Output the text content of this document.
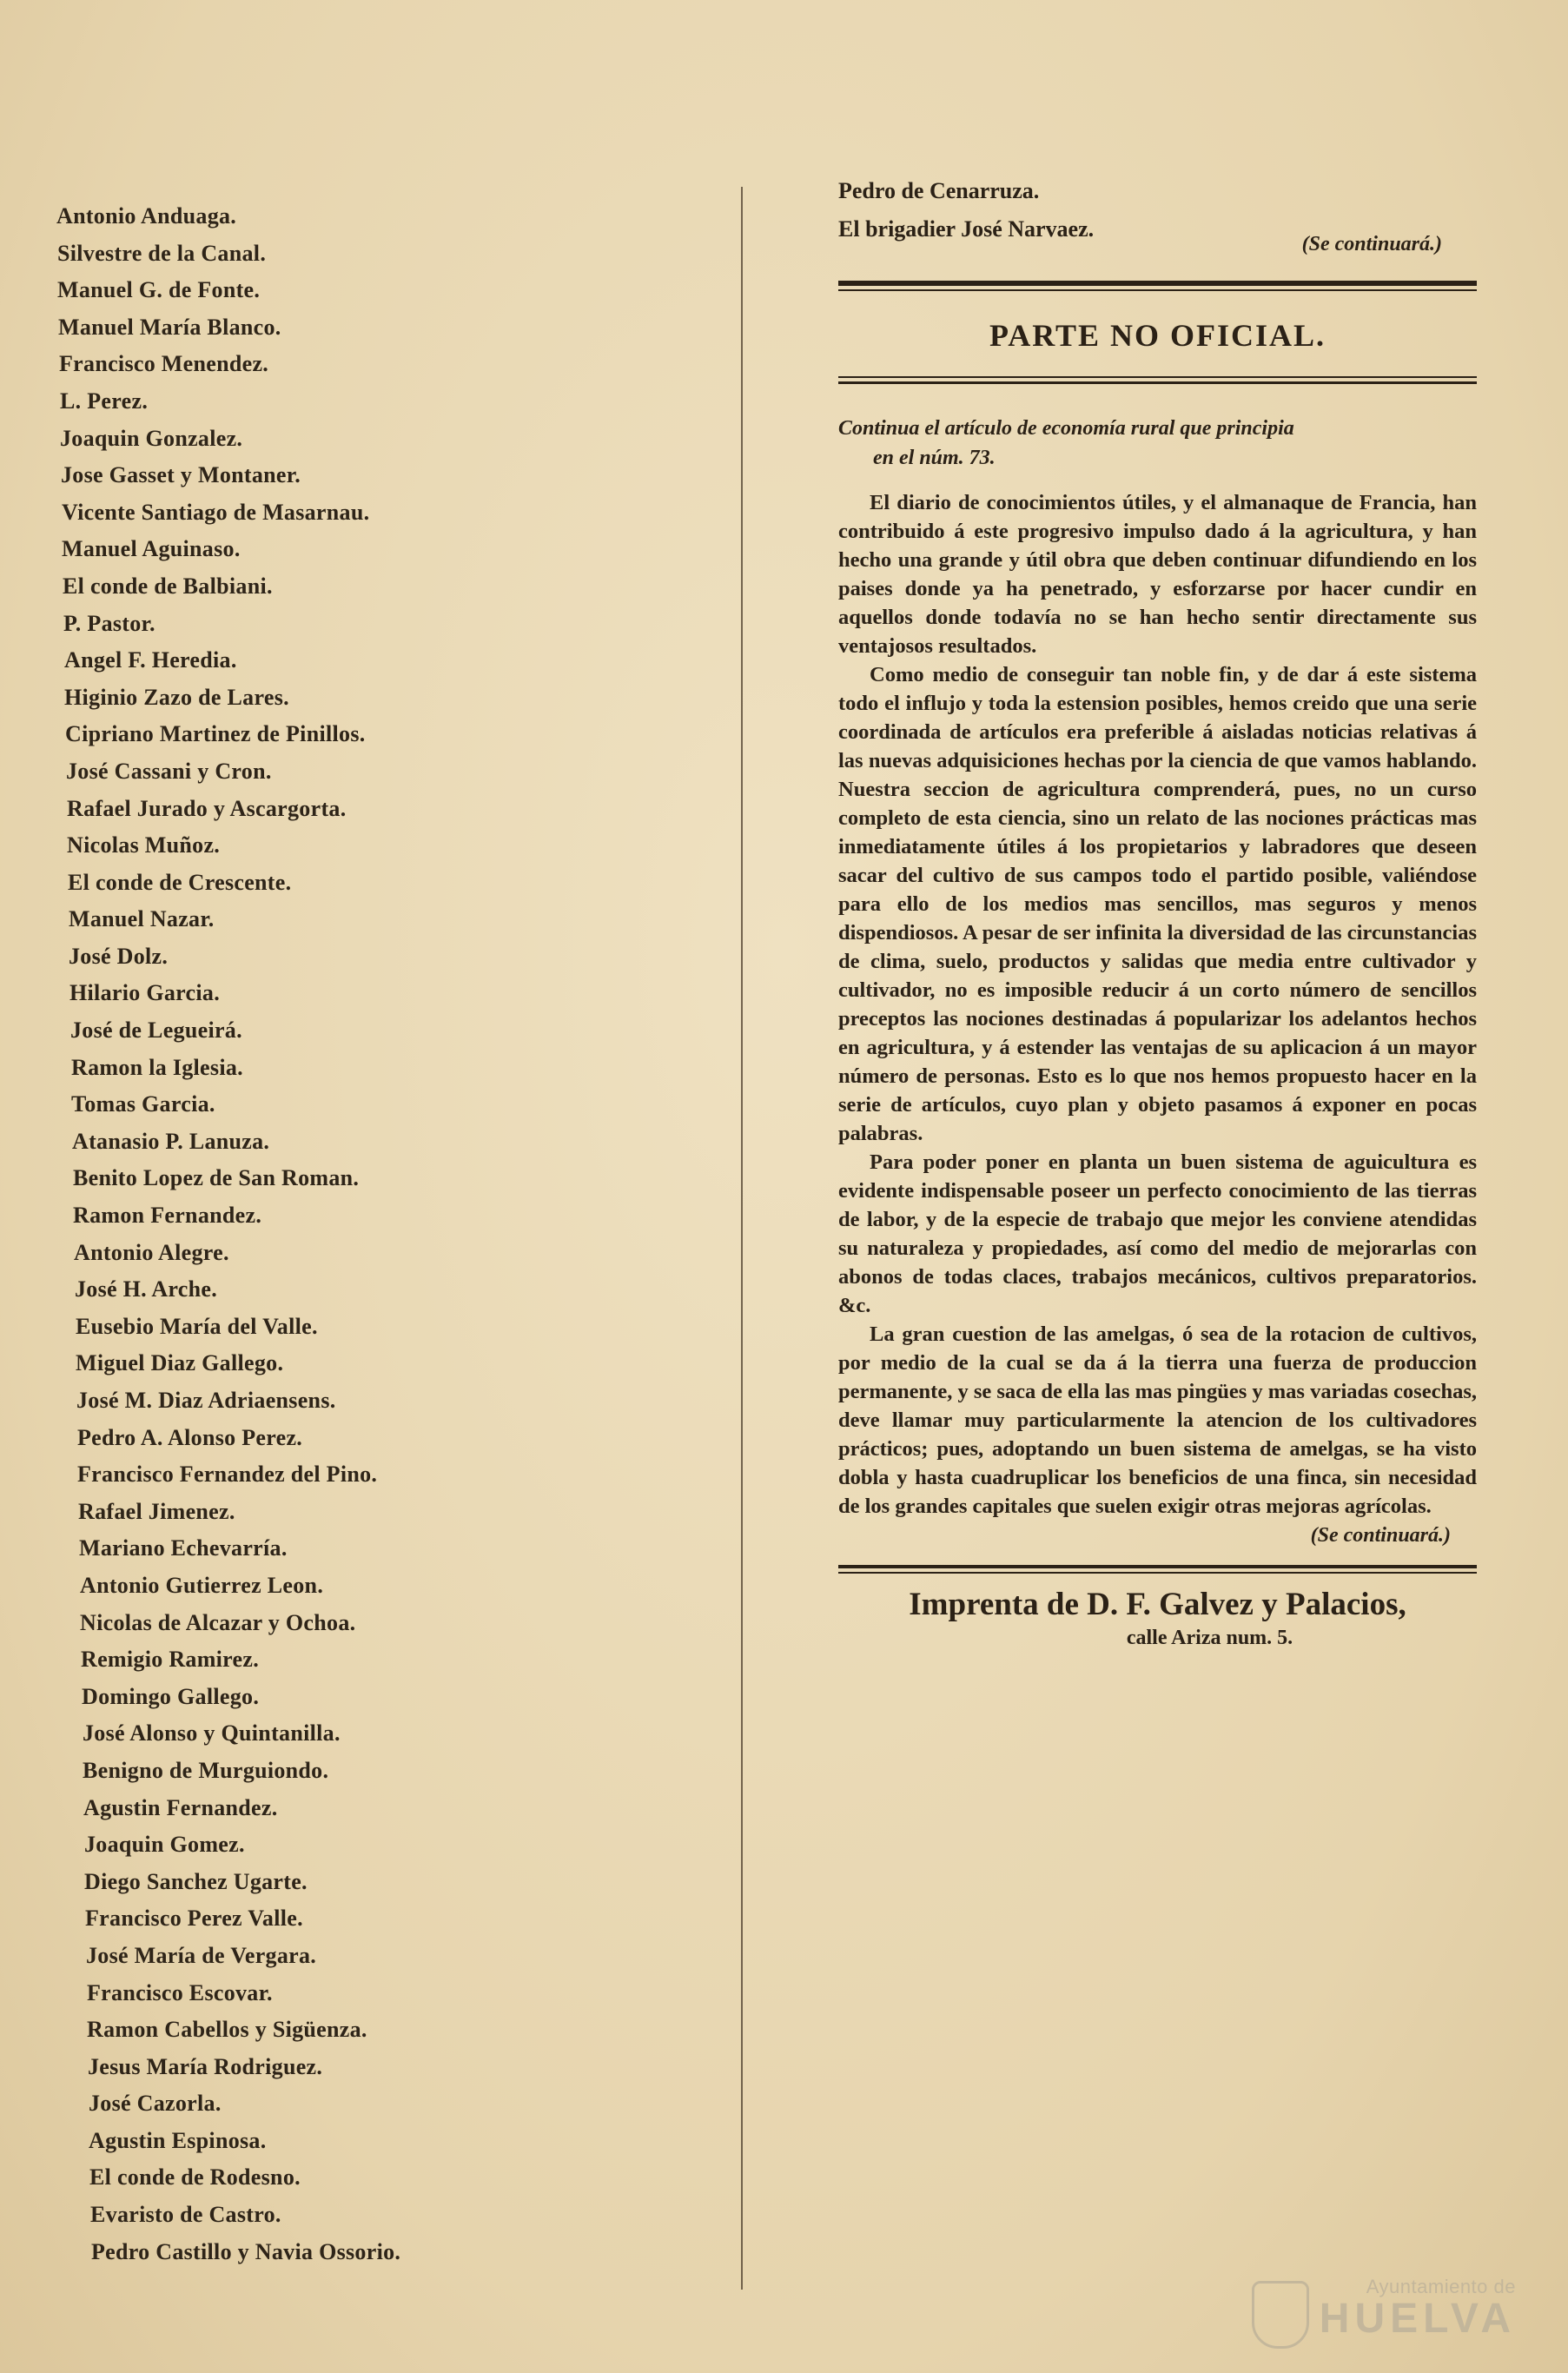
Antonio Anduaga.
Silvestre de la Canal.
Manuel G. de Fonte.
Manuel María Blanco.
Francisco Menendez.
L. Perez.
Joaquin Gonzalez.
Jose Gasset y Montaner.
Vicente Santiago de Masarnau.
Manuel Aguinaso.
El conde de Balbiani.
P. Pastor.
Angel F. Heredia.
Higinio Zazo de Lares.
Cipriano Martinez de Pinillos.
José Cassani y Cron.
Rafael Jurado y Ascargorta.
Nicolas Muñoz.
El conde de Crescente.
Manuel Nazar.
José Dolz.
Hilario Garcia.
José de Legueirá.
Ramon la Iglesia.
Tomas Garcia.
Atanasio P. Lanuza.
Benito Lopez de San Roman.
Ramon Fernandez.
Antonio Alegre.
José H. Arche.
Eusebio María del Valle.
Miguel Diaz Gallego.
José M. Diaz Adriaensens.
Pedro A. Alonso Perez.
Francisco Fernandez del Pino.
Rafael Jimenez.
Mariano Echevarría.
Antonio Gutierrez Leon.
Nicolas de Alcazar y Ochoa.
Remigio Ramirez.
Domingo Gallego.
José Alonso y Quintanilla.
Benigno de Murguiondo.
Agustin Fernandez.
Joaquin Gomez.
Diego Sanchez Ugarte.
Francisco Perez Valle.
José María de Vergara.
Francisco Escovar.
Ramon Cabellos y Sigüenza.
Jesus María Rodriguez.
José Cazorla.
Agustin Espinosa.
El conde de Rodesno.
Evaristo de Castro.
Pedro Castillo y Navia Ossorio.
Pedro de Cenarruza.
El brigadier José Narvaez.
(Se continuará.)
PARTE NO OFICIAL.
Continua el artículo de economía rural que principia
en el núm. 73.

El diario de conocimientos útiles, y el almanaque de Francia, han contribuido á este progresivo impulso dado á la agricultura, y han hecho una grande y útil obra que deben continuar difundiendo en los paises donde ya ha penetrado, y esforzarse por hacer cundir en aquellos donde todavía no se han hecho sentir directamente sus ventajosos resultados.

Como medio de conseguir tan noble fin, y de dar á este sistema todo el influjo y toda la estension posibles, hemos creido que una serie coordinada de artículos era preferible á aisladas noticias relativas á las nuevas adquisiciones hechas por la ciencia de que vamos hablando. Nuestra seccion de agricultura comprenderá, pues, no un curso completo de esta ciencia, sino un relato de las nociones prácticas mas inmediatamente útiles á los propietarios y labradores que deseen sacar del cultivo de sus campos todo el partido posible, valiéndose para ello de los medios mas sencillos, mas seguros y menos dispendiosos. A pesar de ser infinita la diversidad de las circunstancias de clima, suelo, productos y salidas que media entre cultivador y cultivador, no es imposible reducir á un corto número de sencillos preceptos las nociones destinadas á popularizar los adelantos hechos en agricultura, y á estender las ventajas de su aplicacion á un mayor número de personas. Esto es lo que nos hemos propuesto hacer en la serie de artículos, cuyo plan y objeto pasamos á exponer en pocas palabras.

Para poder poner en planta un buen sistema de aguicultura es evidente indispensable poseer un perfecto conocimiento de las tierras de labor, y de la especie de trabajo que mejor les conviene atendidas su naturaleza y propiedades, así como del medio de mejorarlas con abonos de todas claces, trabajos mecánicos, cultivos preparatorios. &c.

La gran cuestion de las amelgas, ó sea de la rotacion de cultivos, por medio de la cual se da á la tierra una fuerza de produccion permanente, y se saca de ella las mas pingües y mas variadas cosechas, deve llamar muy particularmente la atencion de los cultivadores prácticos; pues, adoptando un buen sistema de amelgas, se ha visto dobla y hasta cuadruplicar los beneficios de una finca, sin necesidad de los grandes capitales que suelen exigir otras mejoras agrícolas.

(Se continuará.)
Imprenta de D. F. Galvez y Palacios,
calle Ariza num. 5.
Ayuntamiento de
HUELVA
